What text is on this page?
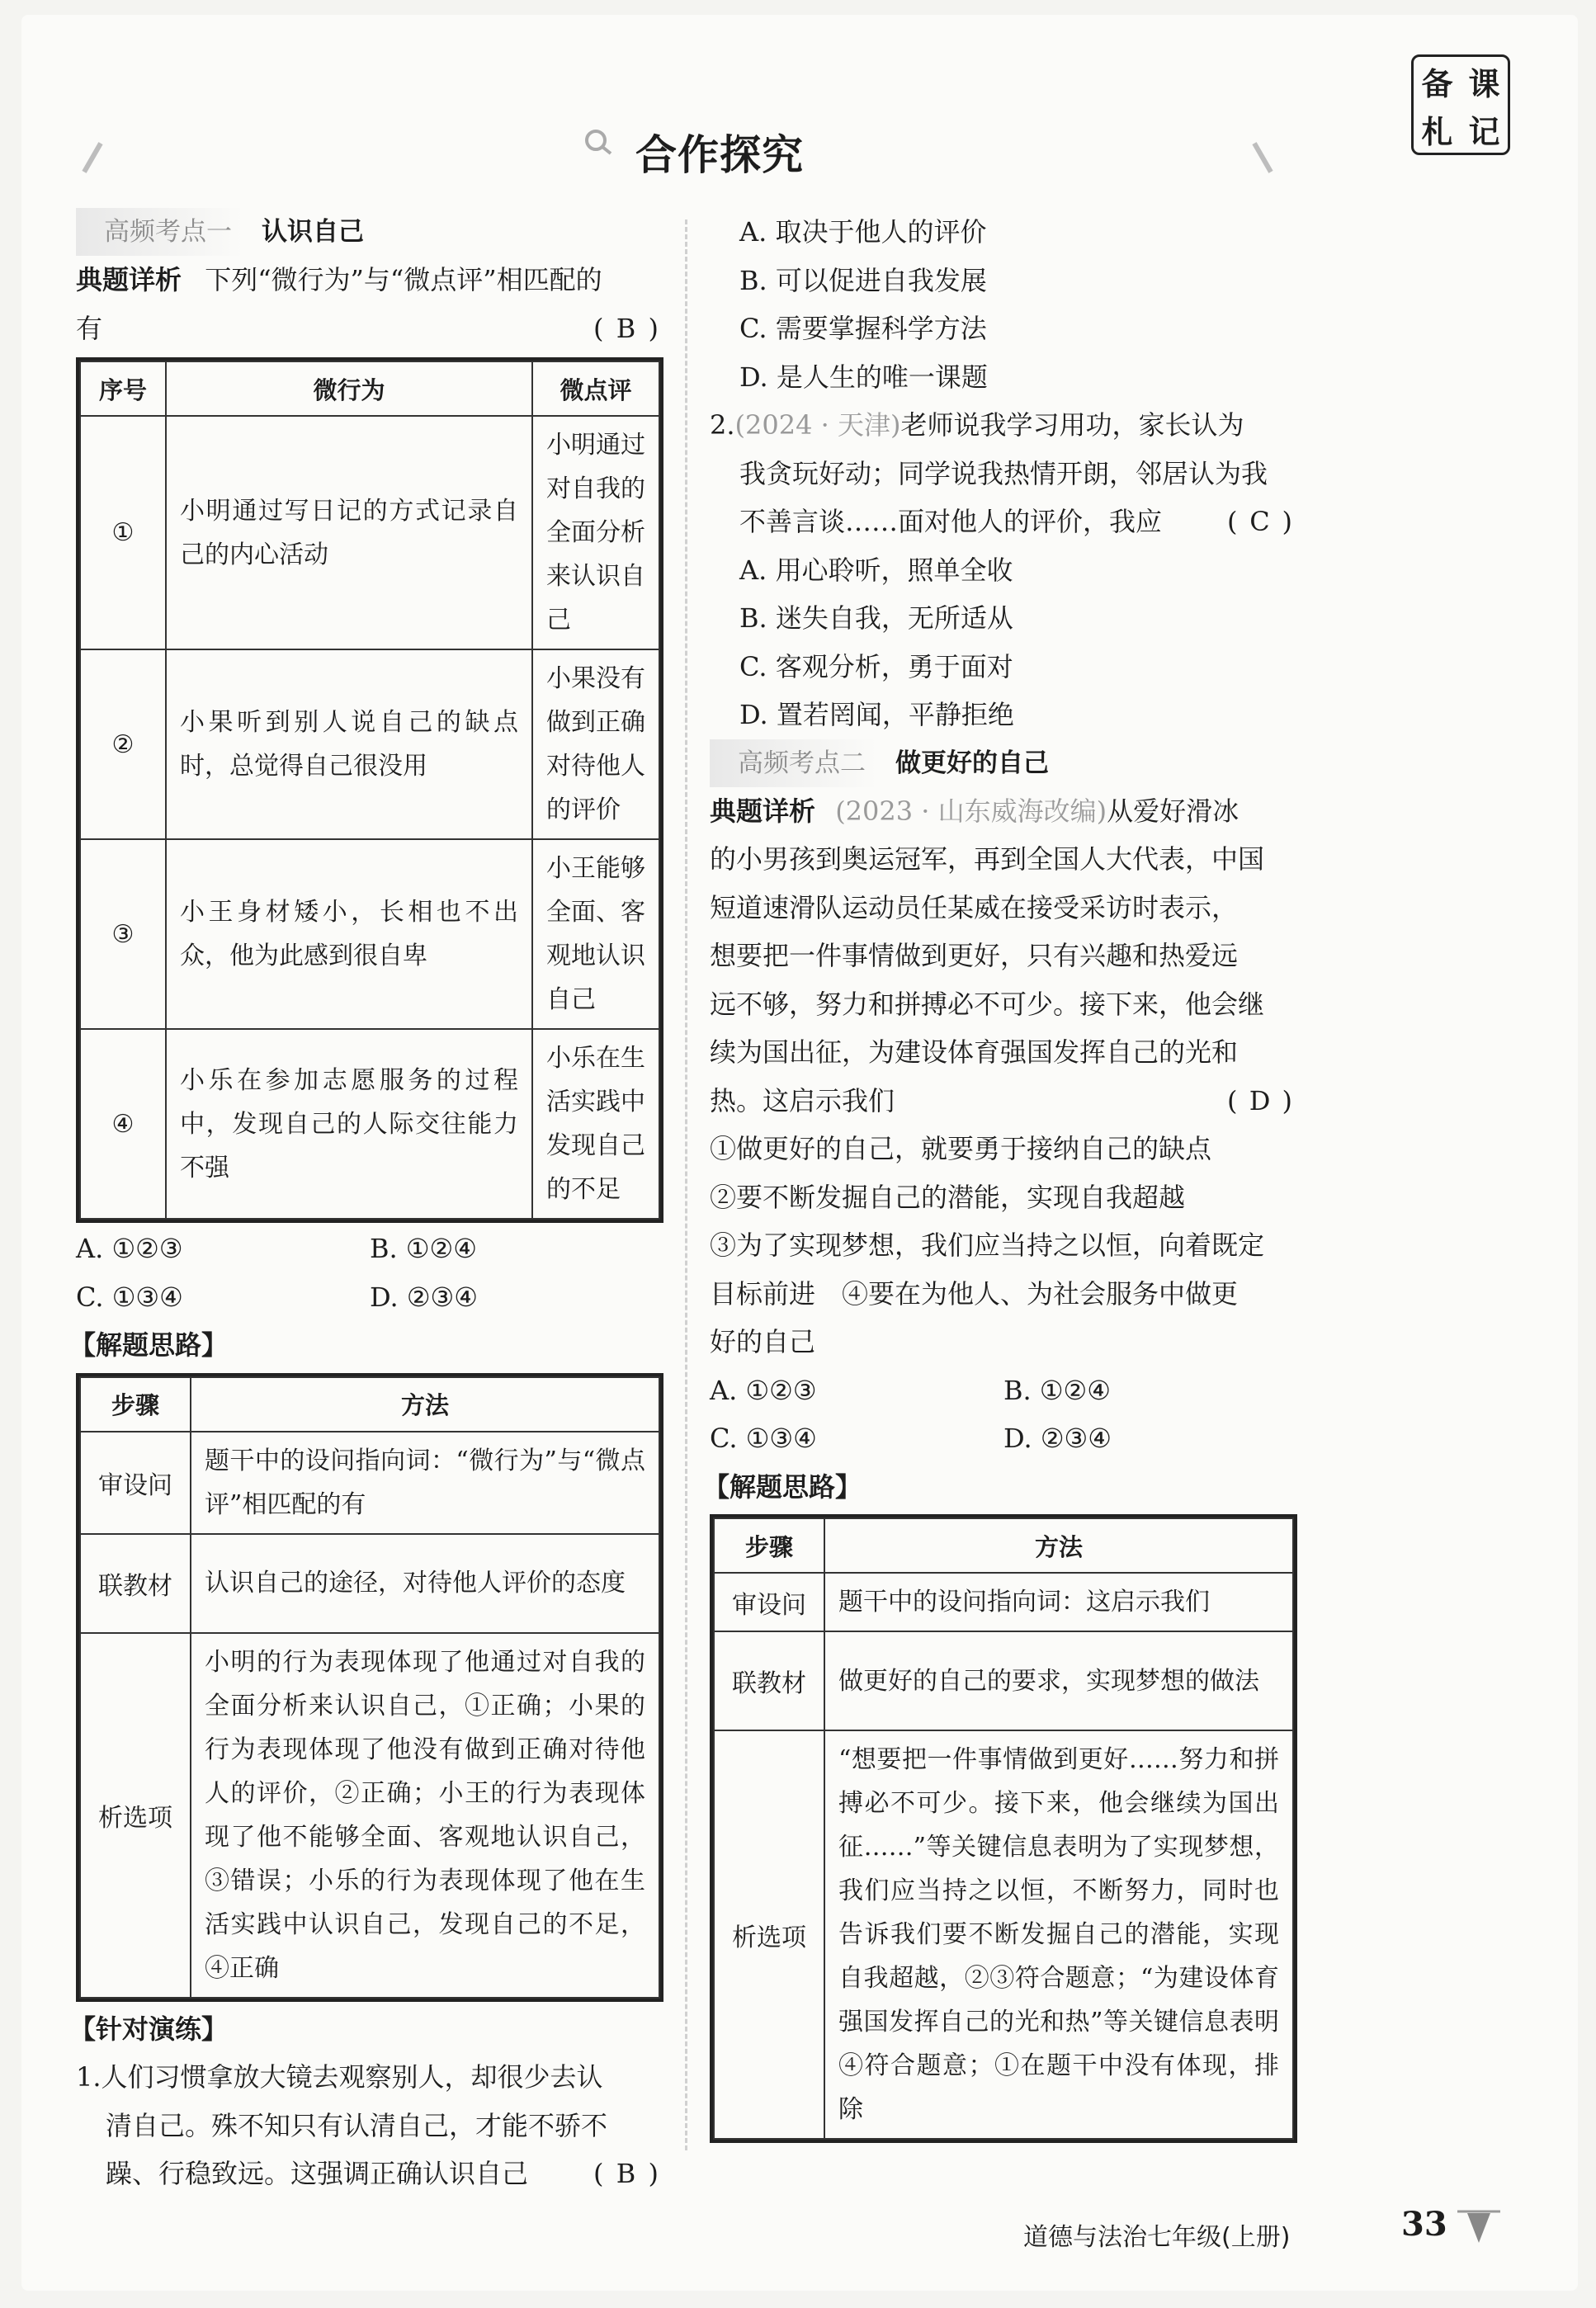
合作探究
备 课
札 记
高频考点一	认识自己
典题详析 下列“微行为”与“微点评”相匹配的
有	( B )
序号	微行为	微点评
①	小明通过写日记的方式记录自己的内心活动	小明通过对自我的全面分析来认识自己
②	小果听到别人说自己的缺点时，总觉得自己很没用	小果没有做到正确对待他人的评价
③	小王身材矮小，长相也不出众，他为此感到很自卑	小王能够全面、客观地认识自己
④	小乐在参加志愿服务的过程中，发现自己的人际交往能力不强	小乐在生活实践中发现自己的不足
A. ①②③	B. ①②④
C. ①③④	D. ②③④
【解题思路】
步骤	方法
审设问	题干中的设问指向词：“微行为”与“微点评”相匹配的有
联教材	认识自己的途径，对待他人评价的态度
析选项	小明的行为表现体现了他通过对自我的全面分析来认识自己，①正确；小果的行为表现体现了他没有做到正确对待他人的评价，②正确；小王的行为表现体现了他不能够全面、客观地认识自己，③错误；小乐的行为表现体现了他在生活实践中认识自己，发现自己的不足，④正确
【针对演练】
1.人们习惯拿放大镜去观察别人，却很少去认
清自己。殊不知只有认清自己，才能不骄不
躁、行稳致远。这强调正确认识自己 ( B )
A. 取决于他人的评价
B. 可以促进自我发展
C. 需要掌握科学方法
D. 是人生的唯一课题
2.(2024 · 天津)老师说我学习用功，家长认为
我贪玩好动；同学说我热情开朗，邻居认为我
不善言谈……面对他人的评价，我应 ( C )
A. 用心聆听，照单全收
B. 迷失自我，无所适从
C. 客观分析，勇于面对
D. 置若罔闻，平静拒绝
高频考点二	做更好的自己
典题详析 (2023 · 山东威海改编)从爱好滑冰
的小男孩到奥运冠军，再到全国人大代表，中国
短道速滑队运动员任某威在接受采访时表示，
想要把一件事情做到更好，只有兴趣和热爱远
远不够，努力和拼搏必不可少。接下来，他会继
续为国出征，为建设体育强国发挥自己的光和
热。这启示我们	( D )
①做更好的自己，就要勇于接纳自己的缺点
②要不断发掘自己的潜能，实现自我超越
③为了实现梦想，我们应当持之以恒，向着既定
目标前进　④要在为他人、为社会服务中做更
好的自己
A. ①②③	B. ①②④
C. ①③④	D. ②③④
【解题思路】
步骤	方法
审设问	题干中的设问指向词：这启示我们
联教材	做更好的自己的要求，实现梦想的做法
析选项	“想要把一件事情做到更好……努力和拼搏必不可少。接下来，他会继续为国出征……”等关键信息表明为了实现梦想，我们应当持之以恒，不断努力，同时也告诉我们要不断发掘自己的潜能，实现自我超越，②③符合题意；“为建设体育强国发挥自己的光和热”等关键信息表明④符合题意；①在题干中没有体现，排除
道德与法治七年级(上册)	33
